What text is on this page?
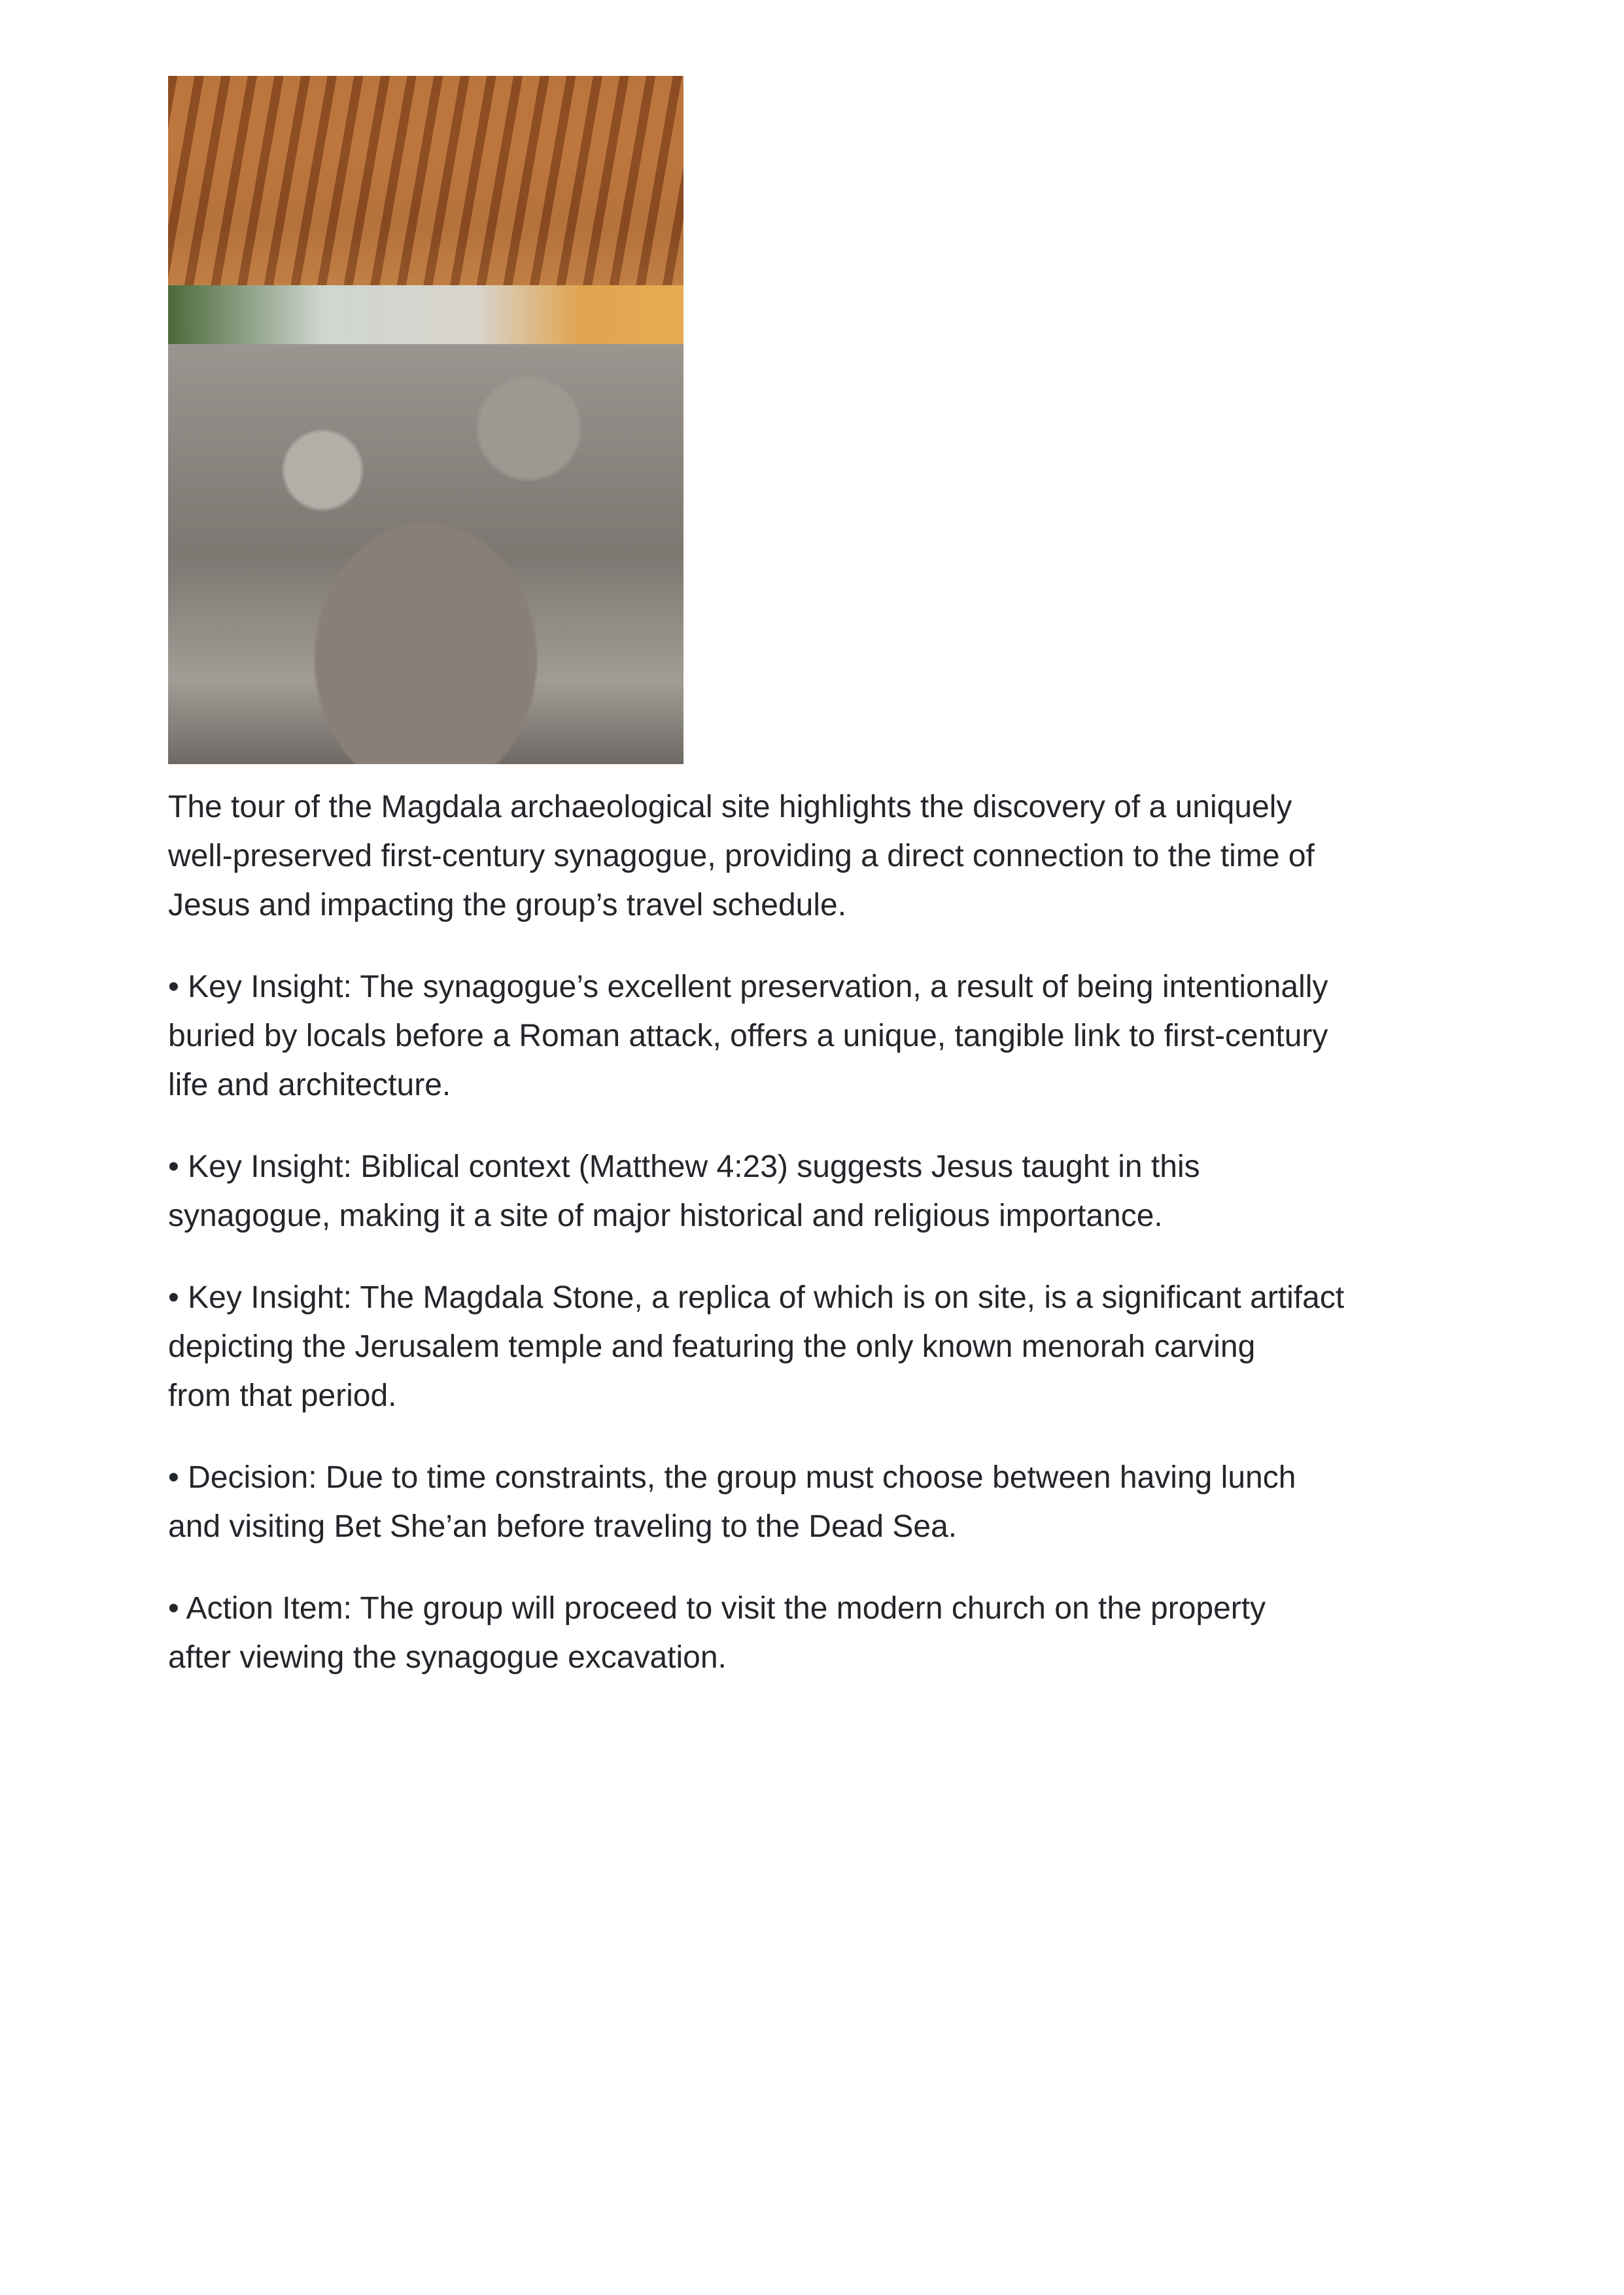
The tour of the Magdala archaeological site highlights the discovery of a uniquely
well-preserved first-century synagogue, providing a direct connection to the time of
Jesus and impacting the group’s travel schedule.

• Key Insight: The synagogue’s excellent preservation, a result of being intentionally
buried by locals before a Roman attack, offers a unique, tangible link to first-century
life and architecture.

• Key Insight: Biblical context (Matthew 4:23) suggests Jesus taught in this
synagogue, making it a site of major historical and religious importance.

• Key Insight: The Magdala Stone, a replica of which is on site, is a significant artifact
depicting the Jerusalem temple and featuring the only known menorah carving
from that period.

• Decision: Due to time constraints, the group must choose between having lunch
and visiting Bet She’an before traveling to the Dead Sea.

• Action Item: The group will proceed to visit the modern church on the property
after viewing the synagogue excavation.
